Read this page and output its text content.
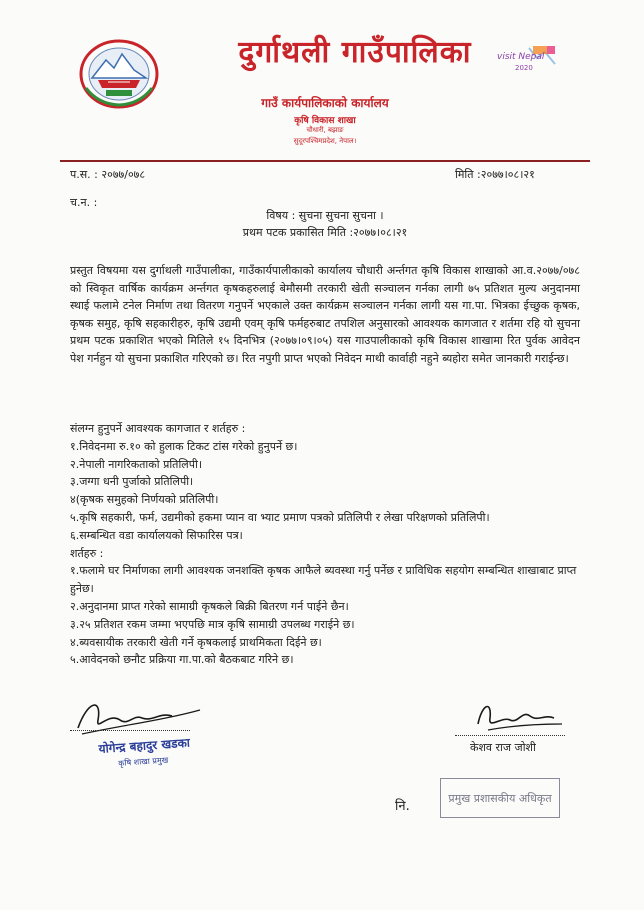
दुर्गाथली गाउँपालिका
गाउँ कार्यपालिकाको कार्यालय
कृषि विकास शाखा
चौधारी, बझाङ
सुदूरपश्चिमप्रदेश, नेपाल।
visit Nepal
2020
प.स. : २०७७/०७८	मिति :२०७७।०८।२१
च.न. :
विषय : सुचना सुचना सुचना ।
प्रथम पटक प्रकासित मिति :२०७७।०८।२१
प्रस्तुत विषयमा यस दुर्गाथली गाउँपालीका, गाउँकार्यपालीकाको कार्यालय चौधारी अर्न्तगत कृषि विकास शाखाको आ.व.२०७७/०७८ को स्विकृत वार्षिक कार्यक्रम अर्न्तगत कृषकहरुलाई बेमौसमी तरकारी खेती सञ्चालन गर्नका लागी ७५ प्रतिशत मुल्य अनुदानमा स्थाई फलामे टनेल निर्माण तथा वितरण गनुपर्ने भएकाले उक्त कार्यक्रम सञ्चालन गर्नका लागी यस गा.पा. भित्रका ईच्छुक कृषक, कृषक समुह, कृषि सहकारीहरु, कृषि उद्यमी एवम् कृषि फर्महरुबाट तपशिल अनुसारको आवश्यक कागजात र शर्तमा रहि यो सुचना प्रथम पटक प्रकाशित भएको मितिले १५ दिनभित्र (२०७७।०९।०५) यस गाउपालीकाको कृषि विकास शाखामा रित पुर्वक आवेदन पेश गर्नहुन यो सुचना प्रकाशित गरिएको छ। रित नपुगी प्राप्त भएको निवेदन माथी कार्वाही नहुने ब्यहोरा समेत जानकारी गराईन्छ।
संलग्न हुनुपर्ने आवश्यक कागजात र शर्तहरु :
१.निवेदनमा रु.१० को हुलाक टिकट टांस गरेको हुनुपर्ने छ।
२.नेपाली नागरिकताको प्रतिलिपी।
३.जग्गा धनी पुर्जाको प्रतिलिपी।
४(कृषक समुहको निर्णयको प्रतिलिपी।
५.कृषि सहकारी, फर्म, उद्यमीको हकमा प्यान वा भ्याट प्रमाण पत्रको प्रतिलिपी र लेखा परिक्षणको प्रतिलिपी।
६.सम्बन्धित वडा कार्यालयको सिफारिस पत्र।
शर्तहरु :
१.फलामे घर निर्माणका लागी आवश्यक जनशक्ति कृषक आफैले ब्यवस्था गर्नु पर्नेछ र प्राविधिक सहयोग सम्बन्धित शाखाबाट प्राप्त हुनेछ।
२.अनुदानमा प्राप्त गरेको सामाग्री कृषकले बिक्री बितरण गर्न पाईने छैन।
३.२५ प्रतिशत रकम जम्मा भएपछि मात्र कृषि सामाग्री उपलब्ध गराईने छ।
४.ब्यवसायीक तरकारी खेती गर्ने कृषकलाई प्राथमिकता दिईने छ।
५.आवेदनको छनौट प्रक्रिया गा.पा.को बैठकबाट गरिने छ।
योगेन्द्र बहादुर खडका
कृषि शाखा प्रमुख
केशव राज जोशी
नि.
प्रमुख प्रशासकीय अधिकृत
